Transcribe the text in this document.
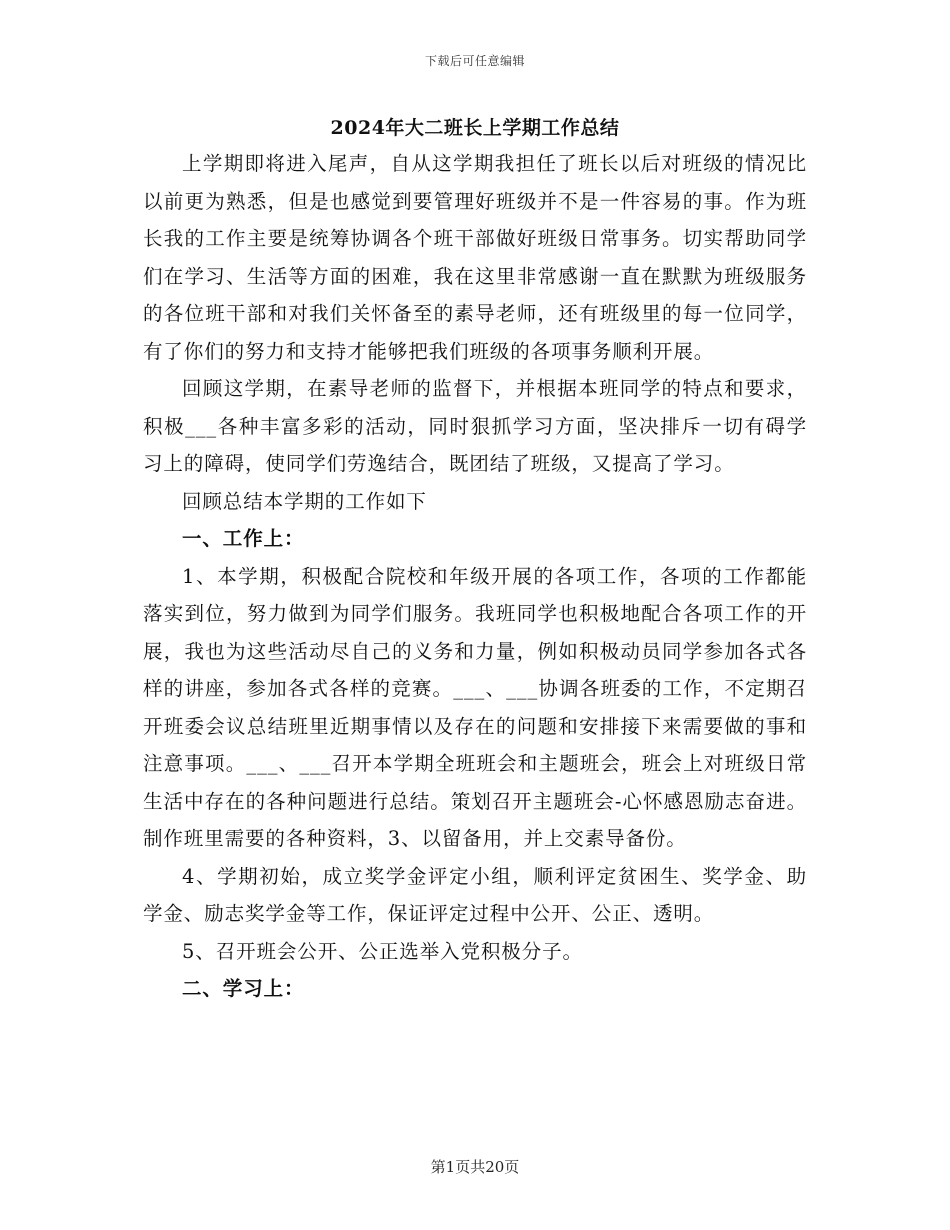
下载后可任意编辑
2024年大二班长上学期工作总结

上学期即将进入尾声，自从这学期我担任了班长以后对班级的情况比以前更为熟悉，但是也感觉到要管理好班级并不是一件容易的事。作为班长我的工作主要是统筹协调各个班干部做好班级日常事务。切实帮助同学们在学习、生活等方面的困难，我在这里非常感谢一直在默默为班级服务的各位班干部和对我们关怀备至的素导老师，还有班级里的每一位同学，有了你们的努力和支持才能够把我们班级的各项事务顺利开展。

回顾这学期，在素导老师的监督下，并根据本班同学的特点和要求，积极___各种丰富多彩的活动，同时狠抓学习方面，坚决排斥一切有碍学习上的障碍，使同学们劳逸结合，既团结了班级，又提高了学习。

回顾总结本学期的工作如下

一、工作上：

1、本学期，积极配合院校和年级开展的各项工作，各项的工作都能落实到位，努力做到为同学们服务。我班同学也积极地配合各项工作的开展，我也为这些活动尽自己的义务和力量，例如积极动员同学参加各式各样的讲座，参加各式各样的竞赛。___、___协调各班委的工作，不定期召开班委会议总结班里近期事情以及存在的问题和安排接下来需要做的事和注意事项。___、___召开本学期全班班会和主题班会，班会上对班级日常生活中存在的各种问题进行总结。策划召开主题班会-心怀感恩励志奋进。制作班里需要的各种资料，3、以留备用，并上交素导备份。

4、学期初始，成立奖学金评定小组，顺利评定贫困生、奖学金、助学金、励志奖学金等工作，保证评定过程中公开、公正、透明。

5、召开班会公开、公正选举入党积极分子。

二、学习上：

第1页共20页
